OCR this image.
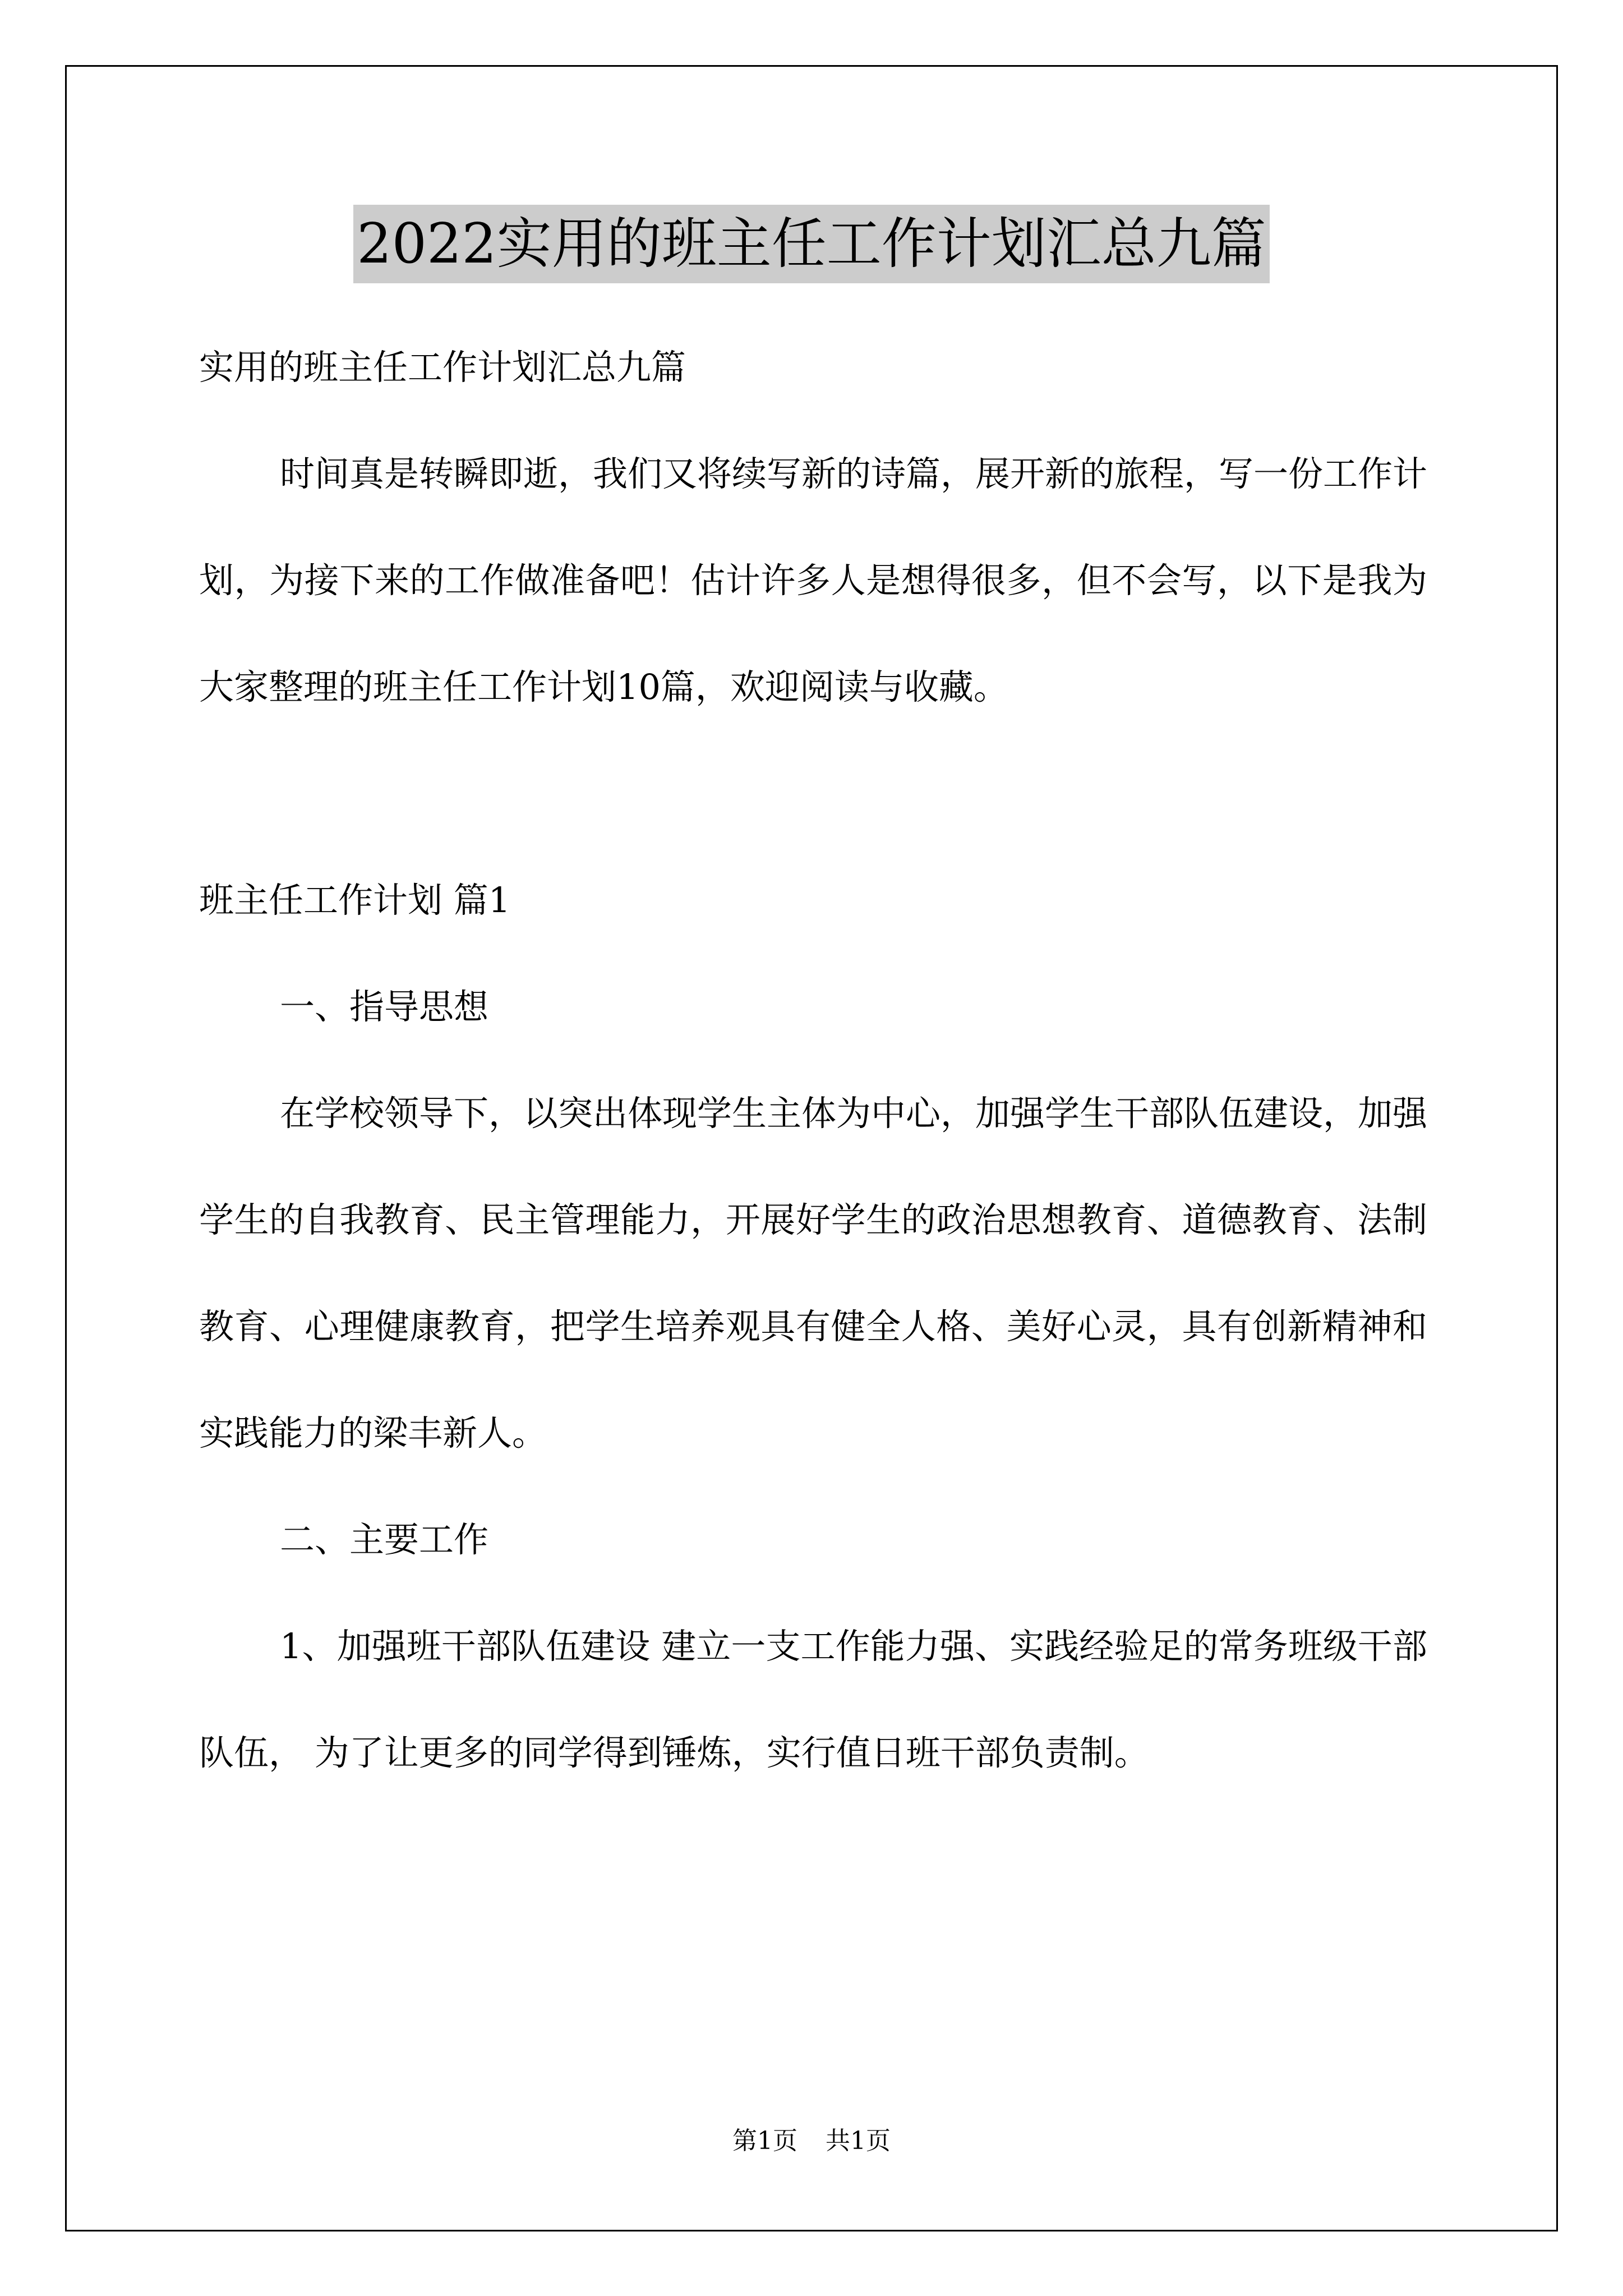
2022实用的班主任工作计划汇总九篇

实用的班主任工作计划汇总九篇

时间真是转瞬即逝，我们又将续写新的诗篇，展开新的旅程，写一份工作计划，为接下来的工作做准备吧！估计许多人是想得很多，但不会写，以下是我为大家整理的班主任工作计划10篇，欢迎阅读与收藏。

班主任工作计划 篇1

一、指导思想

在学校领导下，以突出体现学生主体为中心，加强学生干部队伍建设，加强学生的自我教育、民主管理能力，开展好学生的政治思想教育、道德教育、法制教育、心理健康教育，把学生培养观具有健全人格、美好心灵，具有创新精神和实践能力的梁丰新人。

二、主要工作

1、加强班干部队伍建设 建立一支工作能力强、实践经验足的常务班级干部队伍， 为了让更多的同学得到锤炼，实行值日班干部负责制。

第1页 共1页
